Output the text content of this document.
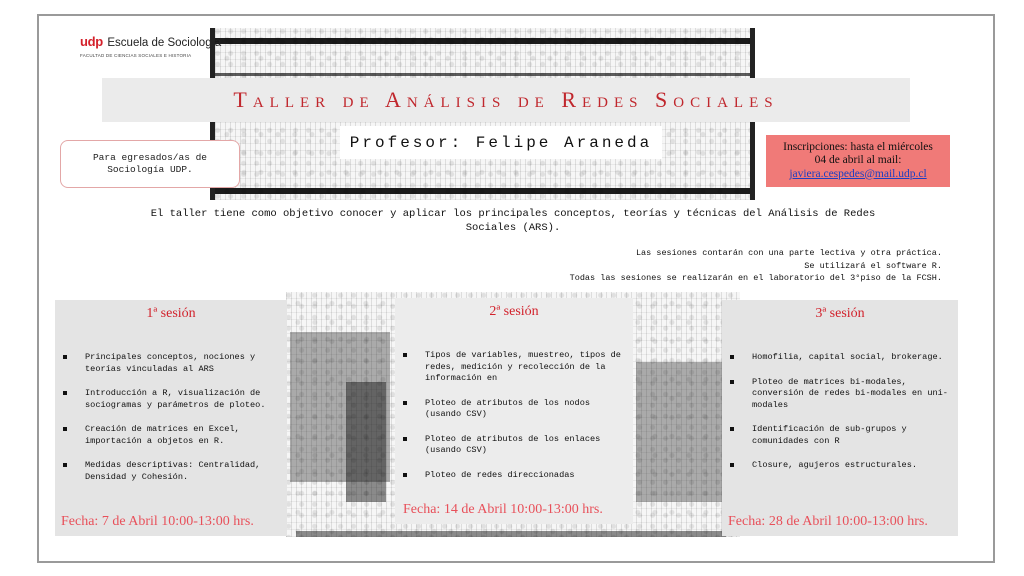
udp Escuela de Sociología
FACULTAD DE CIENCIAS SOCIALES E HISTORIA
Taller de Análisis de Redes Sociales
Profesor: Felipe Araneda
Para egresados/as de
Sociología UDP.
Inscripciones: hasta el miércoles
04 de abril al mail:
javiera.cespedes@mail.udp.cl
El taller tiene como objetivo conocer y aplicar los principales conceptos, teorías y técnicas del Análisis de Redes
Sociales (ARS).
Las sesiones contarán con una parte lectiva y otra práctica.
Se utilizará el software R.
Todas las sesiones se realizarán en el laboratorio del 3°piso de la FCSH.
1ª sesión
Principales conceptos, nociones y teorías vinculadas al ARS
Introducción a R, visualización de sociogramas y parámetros de ploteo.
Creación de matrices en Excel, importación a objetos en R.
Medidas descriptivas: Centralidad, Densidad y Cohesión.
Fecha: 7 de Abril 10:00-13:00 hrs.
2ª sesión
Tipos de variables, muestreo, tipos de redes, medición y recolección de la información en
Ploteo de atributos de los nodos (usando CSV)
Ploteo de atributos de los enlaces (usando CSV)
Ploteo de redes direccionadas
Fecha: 14 de Abril 10:00-13:00 hrs.
3ª sesión
Homofilia, capital social, brokerage.
Ploteo de matrices bi-modales, conversión de redes bi-modales en uni-modales
Identificación de sub-grupos y comunidades con R
Closure, agujeros estructurales.
Fecha: 28 de Abril 10:00-13:00 hrs.
